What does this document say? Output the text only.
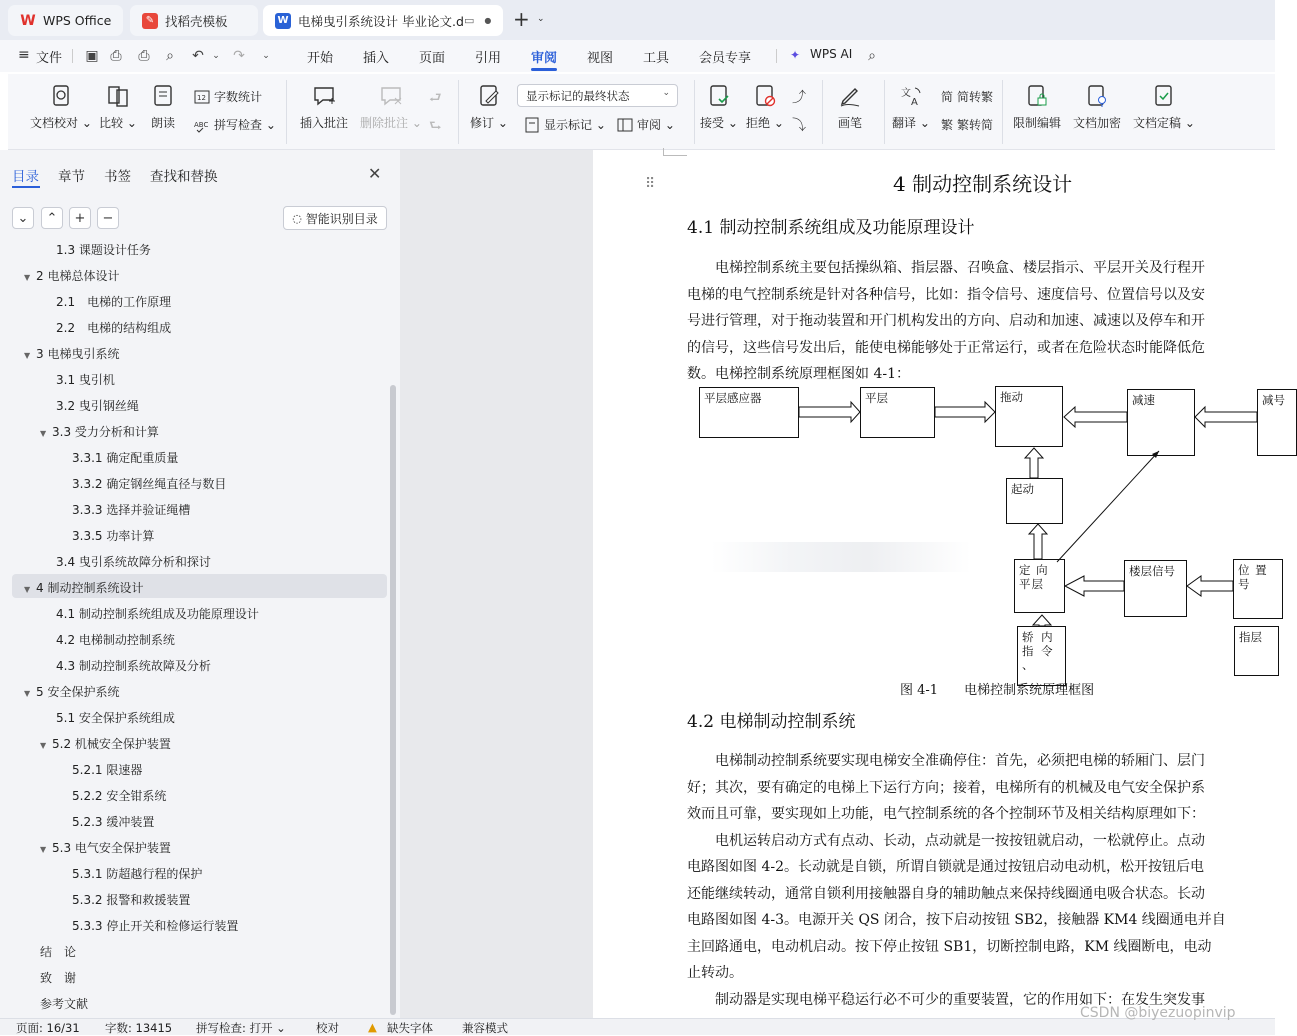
W WPS Office	✎ 找稻壳模板	W 电梯曳引系统设计 毕业论文.d ▭ ● + ⌄
≡ 文件 ▣ ⎙ ⎙ ⌕ ↶ ⌄ ↷	⌄	开始 插入 页面 引用 审阅 视图 工具 会员专享	✦ WPS AI ⌕
文档校对 ⌄ 比较 ⌄ 朗读
12 字数统计
ABC 拼写检查 ⌄ 插入批注 删除批注 ⌄
⮐
⮑ 修订 ⌄
显示标记的最终状态	⌄
显示标记 ⌄	审阅 ⌄ 接受 ⌄ 拒绝 ⌄
⤴
⤵	画笔
文
A
翻译 ⌄
简 简转繁
繁 繁转简 限制编辑 文档加密 文档定稿 ⌄
目录 章节 书签 查找和替换	✕
⌄ ⌃ + −	◌ 智能识别目录
1.3 课题设计任务
▼ 2 电梯总体设计
2.1　电梯的工作原理
2.2　电梯的结构组成
▼ 3 电梯曳引系统
3.1 曳引机
3.2 曳引钢丝绳
▼ 3.3 受力分析和计算
3.3.1 确定配重质量
3.3.2 确定钢丝绳直径与数目
3.3.3 选择并验证绳槽
3.3.5 功率计算
3.4 曳引系统故障分析和探讨
▼ 4 制动控制系统设计
4.1 制动控制系统组成及功能原理设计
4.2 电梯制动控制系统
4.3 制动控制系统故障及分析
▼ 5 安全保护系统
5.1 安全保护系统组成
▼ 5.2 机械安全保护装置
5.2.1 限速器
5.2.2 安全钳系统
5.2.3 缓冲装置
▼ 5.3 电气安全保护装置
5.3.1 防超越行程的保护
5.3.2 报警和救援装置
5.3.3 停止开关和检修运行装置
结　论
致　谢
参考文献
⠿	4 制动控制系统设计
4.1 制动控制系统组成及功能原理设计
　　电梯控制系统主要包括操纵箱、指层器、召唤盒、楼层指示、平层开关及行程开
电梯的电气控制系统是针对各种信号，比如：指令信号、速度信号、位置信号以及安
号进行管理，对于拖动装置和开门机构发出的方向、启动和加速、减速以及停车和开
的信号，这些信号发出后，能使电梯能够处于正常运行，或者在危险状态时能降低危
数。电梯控制系统原理框图如 4-1：
平层感应器	平层	拖动	减速	减号
起动
定 向 平层
楼层信号	位 置 号
轿 内 指 令 、
指层
图 4-1　　电梯控制系统原理框图
4.2 电梯制动控制系统
　　电梯制动控制系统要实现电梯安全准确停住：首先，必须把电梯的轿厢门、层门
好；其次，要有确定的电梯上下运行方向；接着，电梯所有的机械及电气安全保护系
效而且可靠，要实现如上功能，电气控制系统的各个控制环节及相关结构原理如下：
　　电机运转启动方式有点动、长动，点动就是一按按钮就启动，一松就停止。点动
电路图如图 4-2。长动就是自锁，所谓自锁就是通过按钮启动电动机，松开按钮后电
还能继续转动，通常自锁利用接触器自身的辅助触点来保持线圈通电吸合状态。长动
电路图如图 4-3。电源开关 QS 闭合，按下启动按钮 SB2，接触器 KM4 线圈通电并自
主回路通电，电动机启动。按下停止按钮 SB1，切断控制电路，KM 线圈断电，电动
止转动。
　　制动器是实现电梯平稳运行必不可少的重要装置，它的作用如下：在发生突发事
页面: 16/31 字数: 13415 拼写检查: 打开 ⌄	校对	▲ 缺失字体	兼容模式
CSDN @biyezuopinvip
